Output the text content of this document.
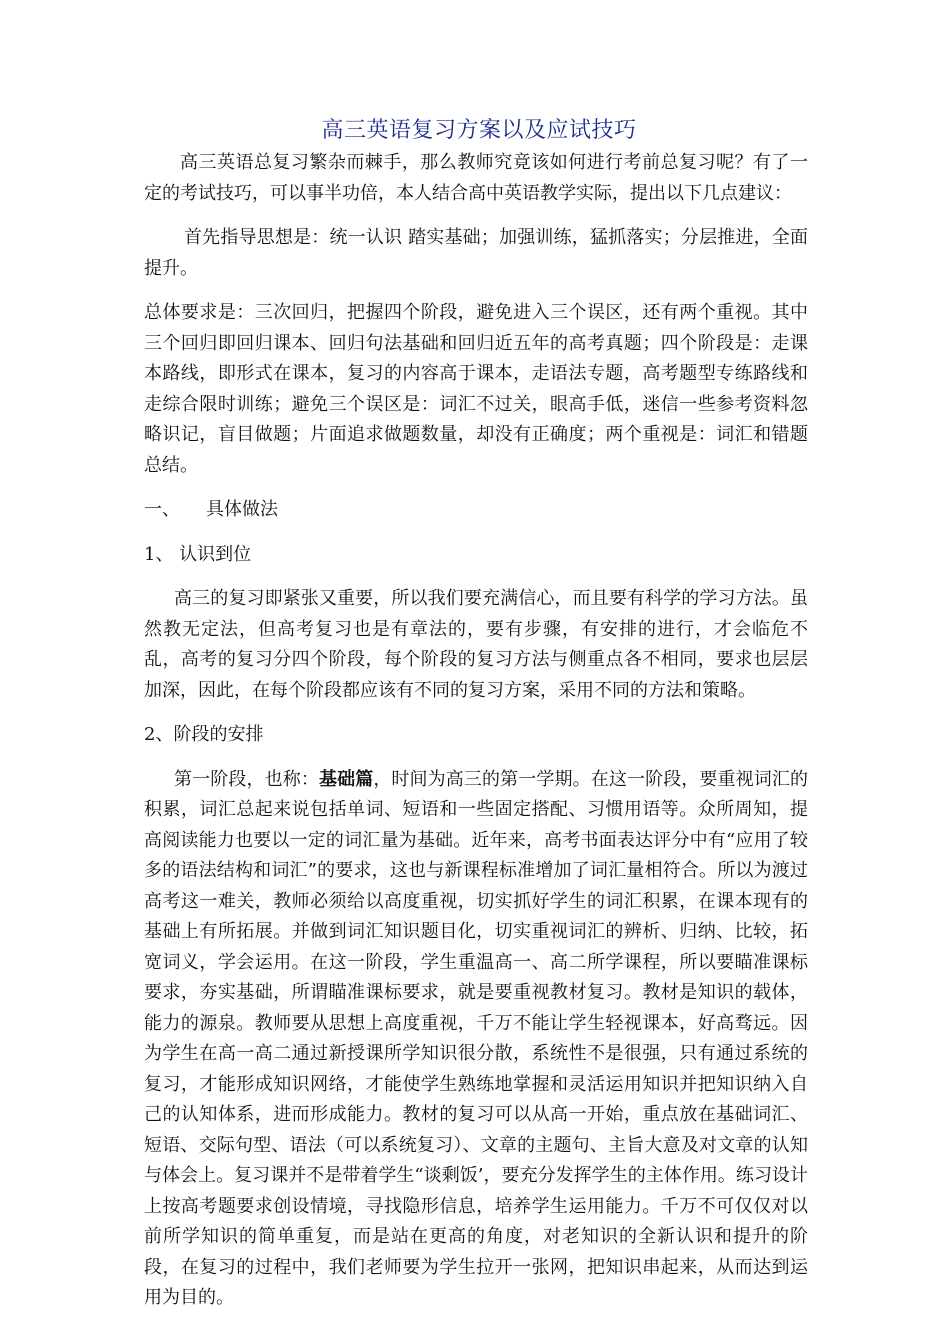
高三英语复习方案以及应试技巧

高三英语总复习繁杂而棘手，那么教师究竟该如何进行考前总复习呢？有了一定的考试技巧，可以事半功倍，本人结合高中英语教学实际，提出以下几点建议：

首先指导思想是：统一认识 踏实基础；加强训练，猛抓落实；分层推进，全面提升。

总体要求是：三次回归，把握四个阶段，避免进入三个误区，还有两个重视。其中三个回归即回归课本、回归句法基础和回归近五年的高考真题；四个阶段是：走课本路线，即形式在课本，复习的内容高于课本，走语法专题，高考题型专练路线和走综合限时训练；避免三个误区是：词汇不过关，眼高手低，迷信一些参考资料忽略识记，盲目做题；片面追求做题数量，却没有正确度；两个重视是：词汇和错题总结。

一、 具体做法

1、 认识到位

高三的复习即紧张又重要，所以我们要充满信心，而且要有科学的学习方法。虽然教无定法，但高考复习也是有章法的，要有步骤，有安排的进行，才会临危不乱，高考的复习分四个阶段，每个阶段的复习方法与侧重点各不相同，要求也层层加深，因此，在每个阶段都应该有不同的复习方案，采用不同的方法和策略。

2、阶段的安排

第一阶段，也称：基础篇，时间为高三的第一学期。在这一阶段，要重视词汇的积累，词汇总起来说包括单词、短语和一些固定搭配、习惯用语等。众所周知，提高阅读能力也要以一定的词汇量为基础。近年来，高考书面表达评分中有“应用了较多的语法结构和词汇”的要求，这也与新课程标准增加了词汇量相符合。所以为渡过高考这一难关，教师必须给以高度重视，切实抓好学生的词汇积累，在课本现有的基础上有所拓展。并做到词汇知识题目化，切实重视词汇的辨析、归纳、比较，拓宽词义，学会运用。在这一阶段，学生重温高一、高二所学课程，所以要瞄准课标要求，夯实基础，所谓瞄准课标要求，就是要重视教材复习。教材是知识的载体，能力的源泉。教师要从思想上高度重视，千万不能让学生轻视课本，好高骛远。因为学生在高一高二通过新授课所学知识很分散，系统性不是很强，只有通过系统的复习，才能形成知识网络，才能使学生熟练地掌握和灵活运用知识并把知识纳入自己的认知体系，进而形成能力。教材的复习可以从高一开始，重点放在基础词汇、短语、交际句型、语法（可以系统复习）、文章的主题句、主旨大意及对文章的认知与体会上。复习课并不是带着学生“谈剩饭’，要充分发挥学生的主体作用。练习设计上按高考题要求创设情境，寻找隐形信息，培养学生运用能力。千万不可仅仅对以前所学知识的简单重复，而是站在更高的角度，对老知识的全新认识和提升的阶段，在复习的过程中，我们老师要为学生拉开一张网，把知识串起来，从而达到运用为目的。
